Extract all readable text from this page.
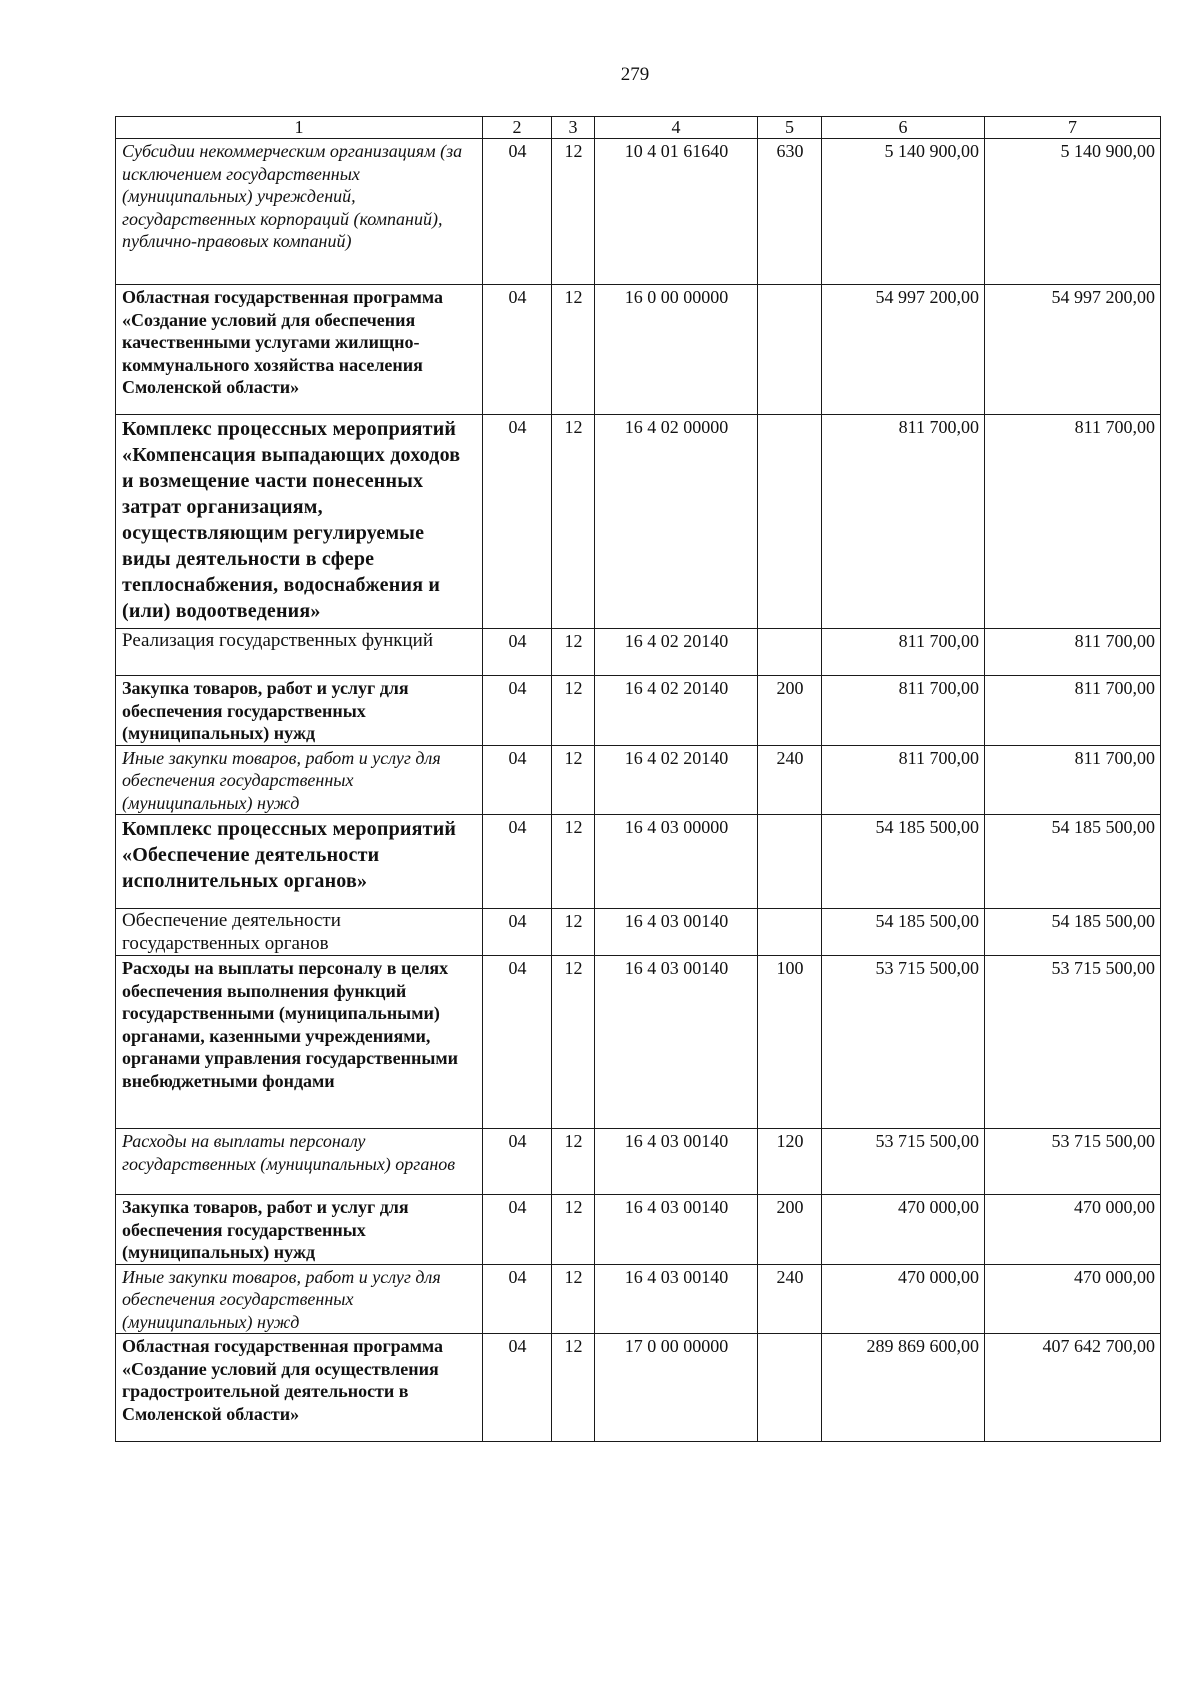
279
1	2	3	4	5	6	7
Субсидии некоммерческим организациям (за исключением государственных (муниципальных) учреждений, государственных корпораций (компаний), публично-правовых компаний)	04	12	10 4 01 61640	630	5 140 900,00	5 140 900,00
Областная государственная программа «Создание условий для обеспечения качественными услугами жилищно-коммунального хозяйства населения Смоленской области»	04	12	16 0 00 00000		54 997 200,00	54 997 200,00
Комплекс процессных мероприятий «Компенсация выпадающих доходов и возмещение части понесенных затрат организациям, осуществляющим регулируемые виды деятельности в сфере теплоснабжения, водоснабжения и (или) водоотведения»	04	12	16 4 02 00000		811 700,00	811 700,00
Реализация государственных функций	04	12	16 4 02 20140		811 700,00	811 700,00
Закупка товаров, работ и услуг для обеспечения государственных (муниципальных) нужд	04	12	16 4 02 20140	200	811 700,00	811 700,00
Иные закупки товаров, работ и услуг для обеспечения государственных (муниципальных) нужд	04	12	16 4 02 20140	240	811 700,00	811 700,00
Комплекс процессных мероприятий «Обеспечение деятельности исполнительных органов»	04	12	16 4 03 00000		54 185 500,00	54 185 500,00
Обеспечение деятельности государственных органов	04	12	16 4 03 00140		54 185 500,00	54 185 500,00
Расходы на выплаты персоналу в целях обеспечения выполнения функций государственными (муниципальными) органами, казенными учреждениями, органами управления государственными внебюджетными фондами	04	12	16 4 03 00140	100	53 715 500,00	53 715 500,00
Расходы на выплаты персоналу государственных (муниципальных) органов	04	12	16 4 03 00140	120	53 715 500,00	53 715 500,00
Закупка товаров, работ и услуг для обеспечения государственных (муниципальных) нужд	04	12	16 4 03 00140	200	470 000,00	470 000,00
Иные закупки товаров, работ и услуг для обеспечения государственных (муниципальных) нужд	04	12	16 4 03 00140	240	470 000,00	470 000,00
Областная государственная программа «Создание условий для осуществления градостроительной деятельности в Смоленской области»	04	12	17 0 00 00000		289 869 600,00	407 642 700,00
